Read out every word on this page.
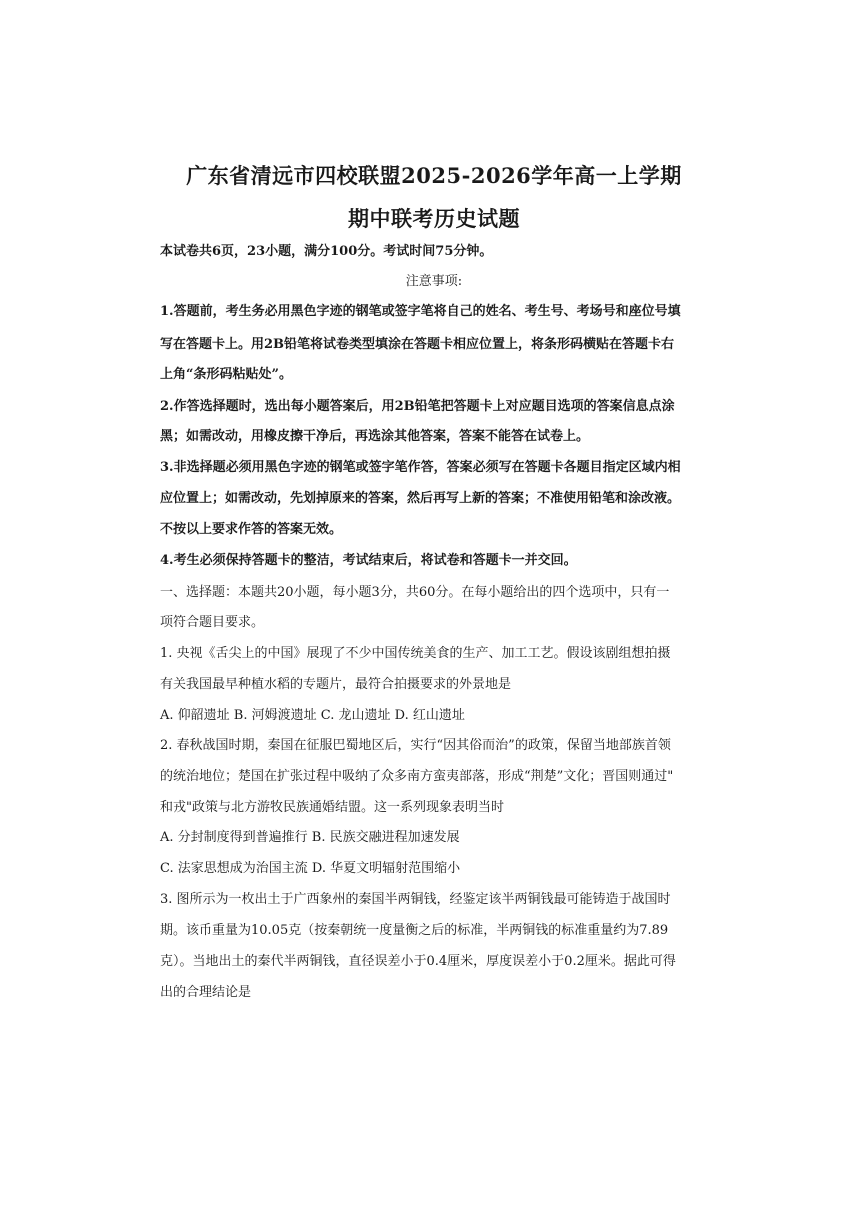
广东省清远市四校联盟2025-2026学年高一上学期
期中联考历史试题
本试卷共6页，23小题，满分100分。考试时间75分钟。
注意事项:
1.答题前，考生务必用黑色字迹的钢笔或签字笔将自己的姓名、考生号、考场号和座位号填
写在答题卡上。用2B铅笔将试卷类型填涂在答题卡相应位置上，将条形码横贴在答题卡右
上角“条形码粘贴处”。
2.作答选择题时，选出每小题答案后，用2B铅笔把答题卡上对应题目选项的答案信息点涂
黑；如需改动，用橡皮擦干净后，再选涂其他答案，答案不能答在试卷上。
3.非选择题必须用黑色字迹的钢笔或签字笔作答，答案必须写在答题卡各题目指定区域内相
应位置上；如需改动，先划掉原来的答案，然后再写上新的答案；不准使用铅笔和涂改液。
不按以上要求作答的答案无效。
4.考生必须保持答题卡的整洁，考试结束后，将试卷和答题卡一并交回。
一、选择题：本题共20小题，每小题3分，共60分。在每小题给出的四个选项中，只有一
项符合题目要求。
1. 央视《舌尖上的中国》展现了不少中国传统美食的生产、加工工艺。假设该剧组想拍摄
有关我国最早种植水稻的专题片，最符合拍摄要求的外景地是
A. 仰韶遗址 B. 河姆渡遗址 C. 龙山遗址 D. 红山遗址
2. 春秋战国时期，秦国在征服巴蜀地区后，实行“因其俗而治”的政策，保留当地部族首领
的统治地位；楚国在扩张过程中吸纳了众多南方蛮夷部落，形成“荆楚”文化；晋国则通过"
和戎"政策与北方游牧民族通婚结盟。这一系列现象表明当时
A. 分封制度得到普遍推行 B. 民族交融进程加速发展
C. 法家思想成为治国主流 D. 华夏文明辐射范围缩小
3. 图所示为一枚出土于广西象州的秦国半两铜钱，经鉴定该半两铜钱最可能铸造于战国时
期。该币重量为10.05克（按秦朝统一度量衡之后的标准，半两铜钱的标准重量约为7.89
克）。当地出土的秦代半两铜钱，直径误差小于0.4厘米，厚度误差小于0.2厘米。据此可得
出的合理结论是
